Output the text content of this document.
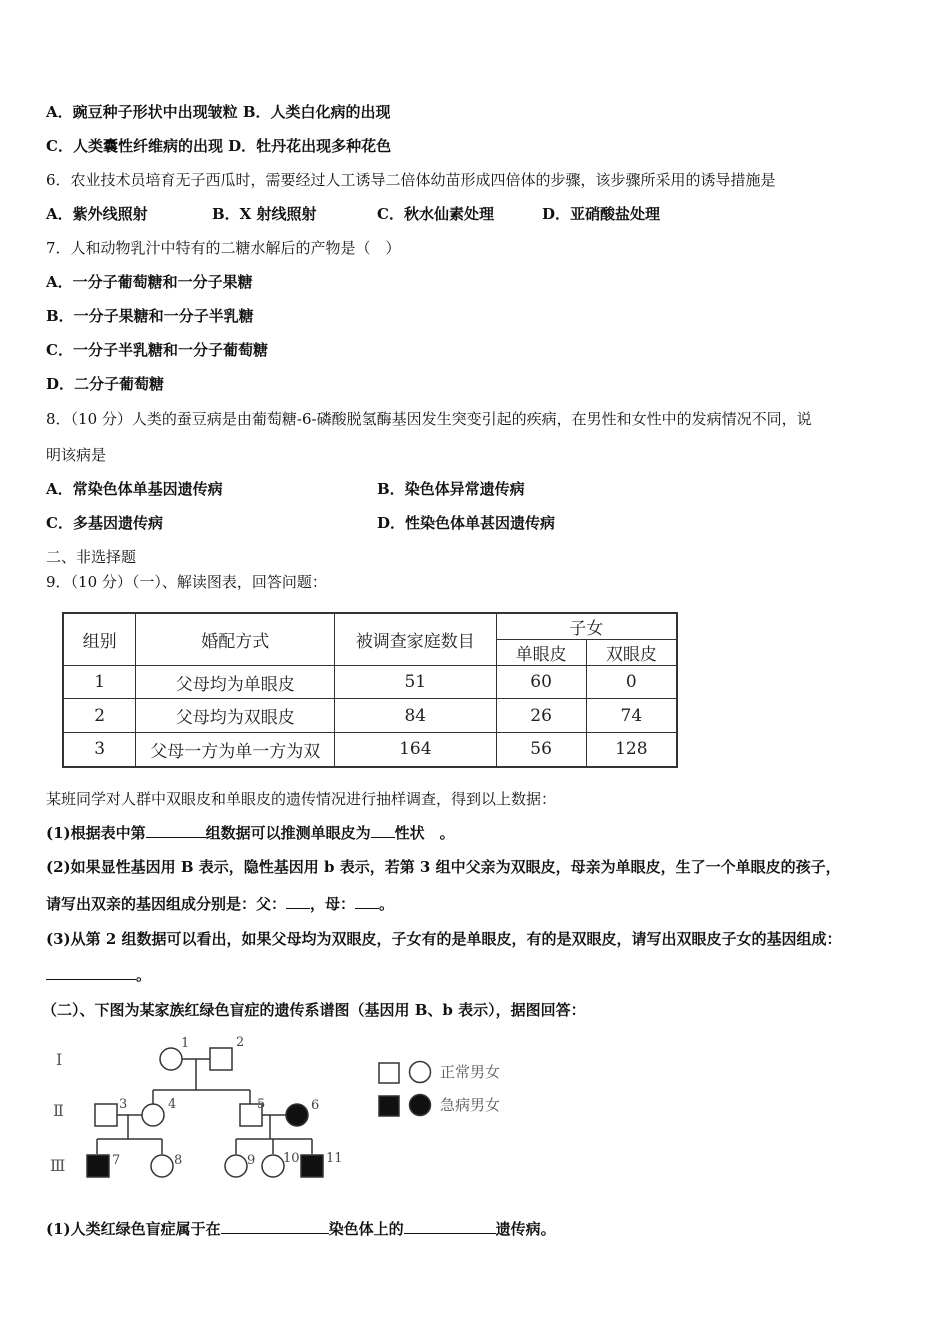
A．豌豆种子形状中出现皱粒 B．人类白化病的出现
C．人类囊性纤维病的出现 D．牡丹花出现多种花色
6．农业技术员培育无子西瓜时，需要经过人工诱导二倍体幼苗形成四倍体的步骤，该步骤所采用的诱导措施是
A．紫外线照射	B．X 射线照射	C．秋水仙素处理	D．亚硝酸盐处理
7．人和动物乳汁中特有的二糖水解后的产物是（　）
A．一分子葡萄糖和一分子果糖
B．一分子果糖和一分子半乳糖
C．一分子半乳糖和一分子葡萄糖
D．二分子葡萄糖
8．（10 分）人类的蚕豆病是由葡萄糖-6-磷酸脱氢酶基因发生突变引起的疾病，在男性和女性中的发病情况不同，说
明该病是
A．常染色体单基因遗传病	B．染色体异常遗传病
C．多基因遗传病	D．性染色体单甚因遗传病
二、非选择题
9．（10 分）（一）、解读图表，回答问题：
组别	婚配方式	被调查家庭数目	子女	
			单眼皮	双眼皮
1	父母均为单眼皮	51	60	0
2	父母均为双眼皮	84	26	74
3	父母一方为单一方为双	164	56	128
某班同学对人群中双眼皮和单眼皮的遗传情况进行抽样调查，得到以上数据：
(1)根据表中第	组数据可以推测单眼皮为 性状　。
(2)如果显性基因用 B 表示，隐性基因用 b 表示，若第 3 组中父亲为双眼皮，母亲为单眼皮，生了一个单眼皮的孩子，
请写出双亲的基因组成分别是：父： ，母： 。
(3)从第 2 组数据可以看出，如果父母均为双眼皮，子女有的是单眼皮，有的是双眼皮，请写出双眼皮子女的基因组成：
。
（二）、下图为某家族红绿色盲症的遗传系谱图（基因用 B、b 表示），据图回答：
Ⅰ
Ⅱ
Ⅲ
1	2
3	4	5	6
7	8	9 10 11
正常男女
急病男女
(1)人类红绿色盲症属于在	染色体上的	遗传病。
